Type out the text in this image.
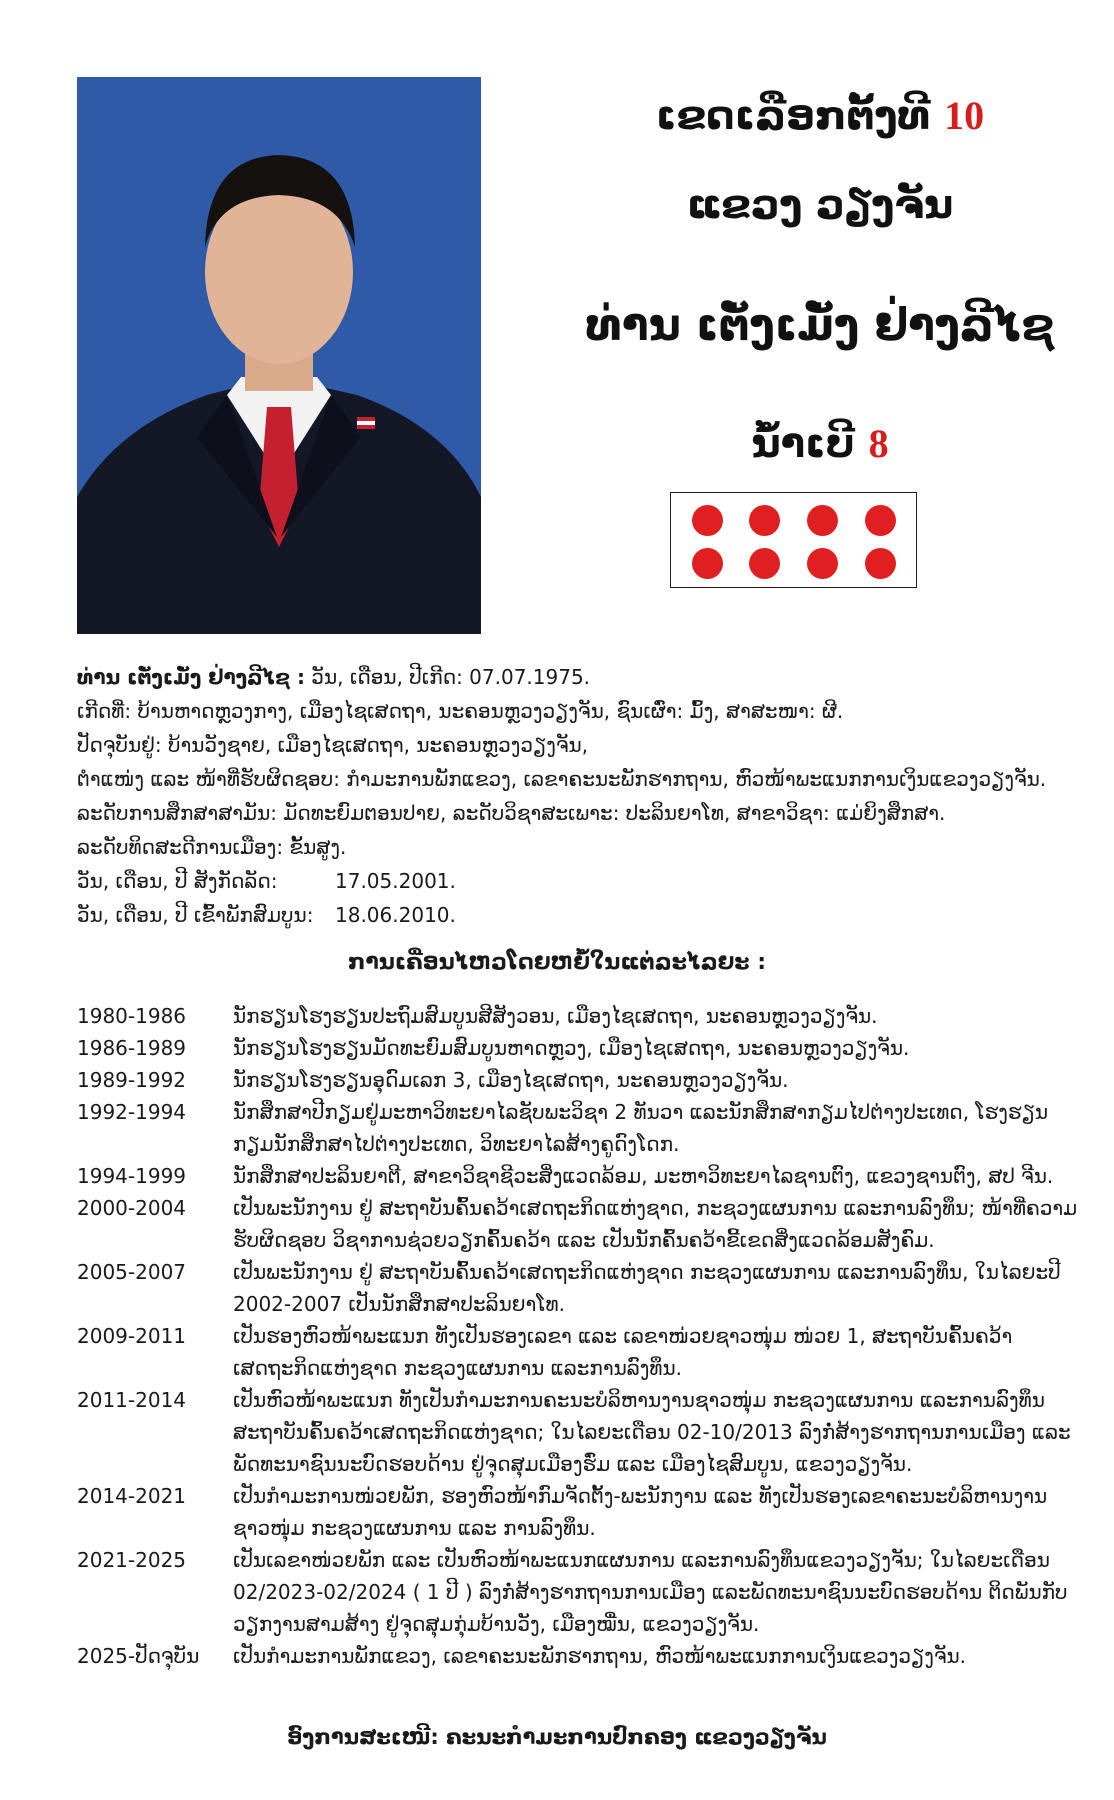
ເຂດເລືອກຕັ້ງທີ 10
ແຂວງ ວຽງຈັນ
ທ່ານ ເຕັ່ງເມັ່ງ ຢ່າງລີໄຊ
ນໍ້າເບີ 8
ທ່ານ ເຕັ່ງເມັ່ງ ຢ່າງລີໄຊ : ວັນ, ເດືອນ, ປີເກີດ: 07.07.1975.
ເກີດທີ່: ບ້ານຫາດຫຼວງກາງ, ເມືອງໄຊເສດຖາ, ນະຄອນຫຼວງວຽງຈັນ, ຊົນເຜົ່າ: ມົ້ງ, ສາສະໜາ: ຜີ.
ປັດຈຸບັນຢູ່: ບ້ານວັງຊາຍ, ເມືອງໄຊເສດຖາ, ນະຄອນຫຼວງວຽງຈັນ,
ຕຳແໜ່ງ ແລະ ໜ້າທີ່ຮັບຜິດຊອບ: ກຳມະການພັກແຂວງ, ເລຂາຄະນະພັກຮາກຖານ, ຫົວໜ້າພະແນກການເງິນແຂວງວຽງຈັນ.
ລະດັບການສຶກສາສາມັນ: ມັດທະຍົມຕອນປາຍ, ລະດັບວິຊາສະເພາະ: ປະລິນຍາໂທ, ສາຂາວິຊາ: ແມ່ຍິງສຶກສາ.
ລະດັບທິດສະດີການເມືອງ: ຂັ້ນສູງ.
ວັນ, ເດືອນ, ປີ ສັງກັດລັດ:	17.05.2001.
ວັນ, ເດືອນ, ປີ ເຂົ້າພັກສົມບູນ: 18.06.2010.
ການເຄື່ອນໄຫວໂດຍຫຍໍ້ໃນແຕ່ລະໄລຍະ :
1980-1986	ນັກຮຽນໂຮງຮຽນປະຖົມສົມບູນສີສັງວອນ, ເມືອງໄຊເສດຖາ, ນະຄອນຫຼວງວຽງຈັນ.
1986-1989	ນັກຮຽນໂຮງຮຽນມັດທະຍົມສົມບູນຫາດຫຼວງ, ເມືອງໄຊເສດຖາ, ນະຄອນຫຼວງວຽງຈັນ.
1989-1992	ນັກຮຽນໂຮງຮຽນອຸດົມເລກ 3, ເມືອງໄຊເສດຖາ, ນະຄອນຫຼວງວຽງຈັນ.
1992-1994	ນັກສຶກສາປີກຽມຢູ່ມະຫາວິທະຍາໄລຊັບພະວິຊາ 2 ທັນວາ ແລະນັກສຶກສາກຽມໄປຕ່າງປະເທດ, ໂຮງຮຽນກຽມນັກສຶກສາໄປຕ່າງປະເທດ, ວິທະຍາໄລສ້າງຄູດົງໂດກ.
1994-1999	ນັກສຶກສາປະລິນຍາຕີ, ສາຂາວິຊາຊີວະສິ່ງແວດລ້ອມ, ມະຫາວິທະຍາໄລຊານຕົງ, ແຂວງຊານຕົງ, ສປ ຈີນ.
2000-2004	ເປັນພະນັກງານ ຢູ່ ສະຖາບັນຄົ້ນຄວ້າເສດຖະກິດແຫ່ງຊາດ, ກະຊວງແຜນການ ແລະການລົງທຶນ; ໜ້າທີ່ຄວາມຮັບຜິດຊອບ ວິຊາການຊ່ວຍວຽກຄົ້ນຄວ້າ ແລະ ເປັນນັກຄົ້ນຄວ້າຂີ້ເຂດສິ່ງແວດລ້ອມສັງຄົມ.
2005-2007	ເປັນພະນັກງານ ຢູ່ ສະຖາບັນຄົ້ນຄວ້າເສດຖະກິດແຫ່ງຊາດ ກະຊວງແຜນການ ແລະການລົງທຶນ, ໃນໄລຍະປີ 2002-2007 ເປັນນັກສຶກສາປະລິນຍາໂທ.
2009-2011	ເປັນຮອງຫົວໜ້າພະແນກ ທັງເປັນຮອງເລຂາ ແລະ ເລຂາໜ່ວຍຊາວໜຸ່ມ ໜ່ວຍ 1, ສະຖາບັນຄົ້ນຄວ້າເສດຖະກິດແຫ່ງຊາດ ກະຊວງແຜນການ ແລະການລົງທຶນ.
2011-2014	ເປັນຫົວໜ້າພະແນກ ທັງເປັນກຳມະການຄະນະບໍລິຫານງານຊາວໜຸ່ມ ກະຊວງແຜນການ ແລະການລົງທຶນ ສະຖາບັນຄົ້ນຄວ້າເສດຖະກິດແຫ່ງຊາດ; ໃນໄລຍະເດືອນ 02-10/2013 ລົງກໍ່ສ້າງຮາກຖານການເມືອງ ແລະ ພັດທະນາຊົນນະບົດຮອບດ້ານ ຢູ່ຈຸດສຸມເມືອງຮົ່ມ ແລະ ເມືອງໄຊສົມບູນ, ແຂວງວຽງຈັນ.
2014-2021	ເປັນກຳມະການໜ່ວຍພັກ, ຮອງຫົວໜ້າກົມຈັດຕັ້ງ-ພະນັກງານ ແລະ ທັງເປັນຮອງເລຂາຄະນະບໍລິຫານງານຊາວໜຸ່ມ ກະຊວງແຜນການ ແລະ ການລົງທຶນ.
2021-2025	ເປັນເລຂາໜ່ວຍພັກ ແລະ ເປັນຫົວໜ້າພະແນກແຜນການ ແລະການລົງທຶນແຂວງວຽງຈັນ; ໃນໄລຍະເດືອນ 02/2023-02/2024 ( 1 ປີ ) ລົງກໍ່ສ້າງຮາກຖານການເມືອງ ແລະພັດທະນາຊົນນະບົດຮອບດ້ານ ຕິດພັນກັບວຽກງານສາມສ້າງ ຢູ່ຈຸດສຸມກຸ່ມບ້ານວັງ, ເມືອງໝື່ນ, ແຂວງວຽງຈັນ.
2025-ປັດຈຸບັນ	ເປັນກຳມະການພັກແຂວງ, ເລຂາຄະນະພັກຮາກຖານ, ຫົວໜ້າພະແນກການເງິນແຂວງວຽງຈັນ.
ອົງການສະເໜີ: ຄະນະກຳມະການປົກຄອງ ແຂວງວຽງຈັນ
